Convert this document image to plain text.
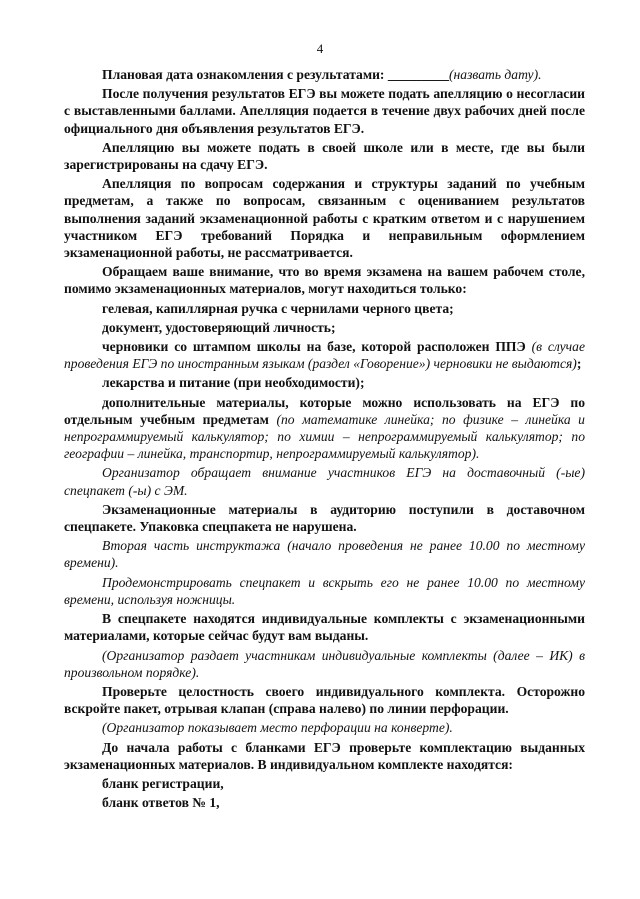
4

Плановая дата ознакомления с результатами: _________(назвать дату).

После получения результатов ЕГЭ вы можете подать апелляцию о несогласии с выставленными баллами. Апелляция подается в течение двух рабочих дней после официального дня объявления результатов ЕГЭ.

Апелляцию вы можете подать в своей школе или в месте, где вы были зарегистрированы на сдачу ЕГЭ.

Апелляция по вопросам содержания и структуры заданий по учебным предметам, а также по вопросам, связанным с оцениванием результатов выполнения заданий экзаменационной работы с кратким ответом и с нарушением участником ЕГЭ требований Порядка и неправильным оформлением экзаменационной работы, не рассматривается.

Обращаем ваше внимание, что во время экзамена на вашем рабочем столе, помимо экзаменационных материалов, могут находиться только:

гелевая, капиллярная ручка с чернилами черного цвета;

документ, удостоверяющий личность;

черновики со штампом школы на базе, которой расположен ППЭ (в случае проведения ЕГЭ по иностранным языкам (раздел «Говорение») черновики не выдаются);

лекарства и питание (при необходимости);

дополнительные материалы, которые можно использовать на ЕГЭ по отдельным учебным предметам (по математике линейка; по физике – линейка и непрограммируемый калькулятор; по химии – непрограммируемый калькулятор; по географии – линейка, транспортир, непрограммируемый калькулятор).

Организатор обращает внимание участников ЕГЭ на доставочный (-ые) спецпакет (-ы) с ЭМ.

Экзаменационные материалы в аудиторию поступили в доставочном спецпакете. Упаковка спецпакета не нарушена.

Вторая часть инструктажа (начало проведения не ранее 10.00 по местному времени).

Продемонстрировать спецпакет и вскрыть его не ранее 10.00 по местному времени, используя ножницы.

В спецпакете находятся индивидуальные комплекты с экзаменационными материалами, которые сейчас будут вам выданы.

(Организатор раздает участникам индивидуальные комплекты (далее – ИК) в произвольном порядке).

Проверьте целостность своего индивидуального комплекта. Осторожно вскройте пакет, отрывая клапан (справа налево) по линии перфорации.

(Организатор показывает место перфорации на конверте).

До начала работы с бланками ЕГЭ проверьте комплектацию выданных экзаменационных материалов. В индивидуальном комплекте находятся:

бланк регистрации,

бланк ответов № 1,
